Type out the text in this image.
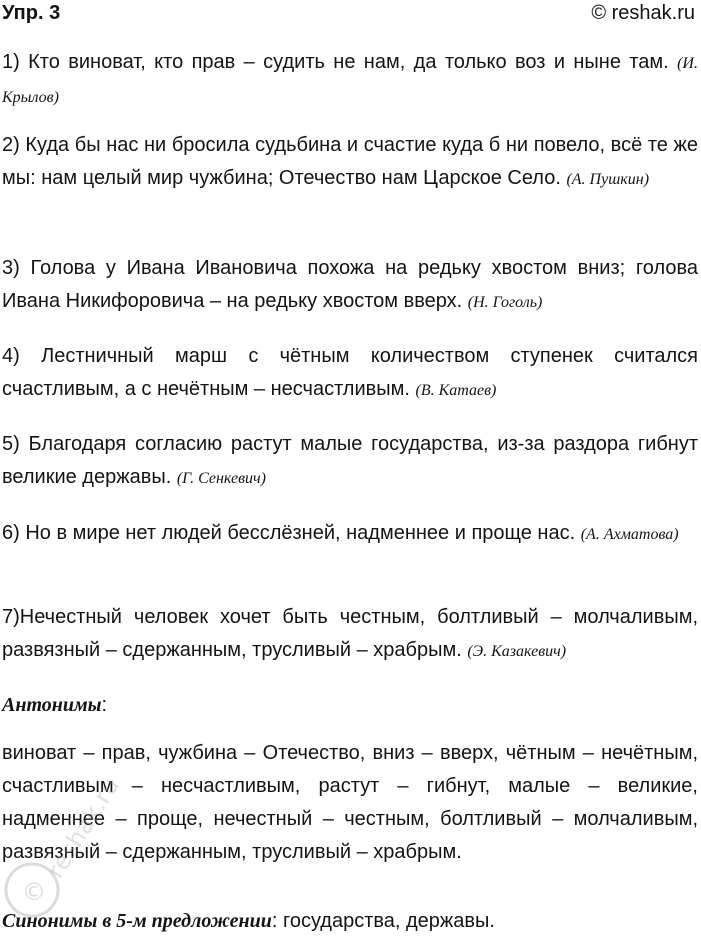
Упр. 3	© reshak.ru
1) Кто виноват, кто прав – судить не нам, да только воз и ныне там. (И. Крылов)
2) Куда бы нас ни бросила судьбина и счастие куда б ни повело, всё те же мы: нам целый мир чужбина; Отечество нам Царское Село. (А. Пушкин)
3) Голова у Ивана Ивановича похожа на редьку хвостом вниз; голова Ивана Никифоровича – на редьку хвостом вверх. (Н. Гоголь)
4) Лестничный марш с чётным количеством ступенек считался счастливым, а с нечётным – несчастливым. (В. Катаев)
5) Благодаря согласию растут малые государства, из-за раздора гибнут великие державы. (Г. Сенкевич)
6) Но в мире нет людей бесслёзней, надменнее и проще нас. (А. Ахматова)
7)Нечестный человек хочет быть честным, болтливый – молчаливым, развязный – сдержанным, трусливый – храбрым. (Э. Казакевич)
Антонимы:
виноват – прав, чужбина – Отечество, вниз – вверх, чётным – нечётным, счастливым – несчастливым, растут – гибнут, малые – великие, надменнее – проще, нечестный – честным, болтливый – молчаливым, развязный – сдержанным, трусливый – храбрым.
Синонимы в 5-м предложении: государства, державы.
©
reshak.ru
